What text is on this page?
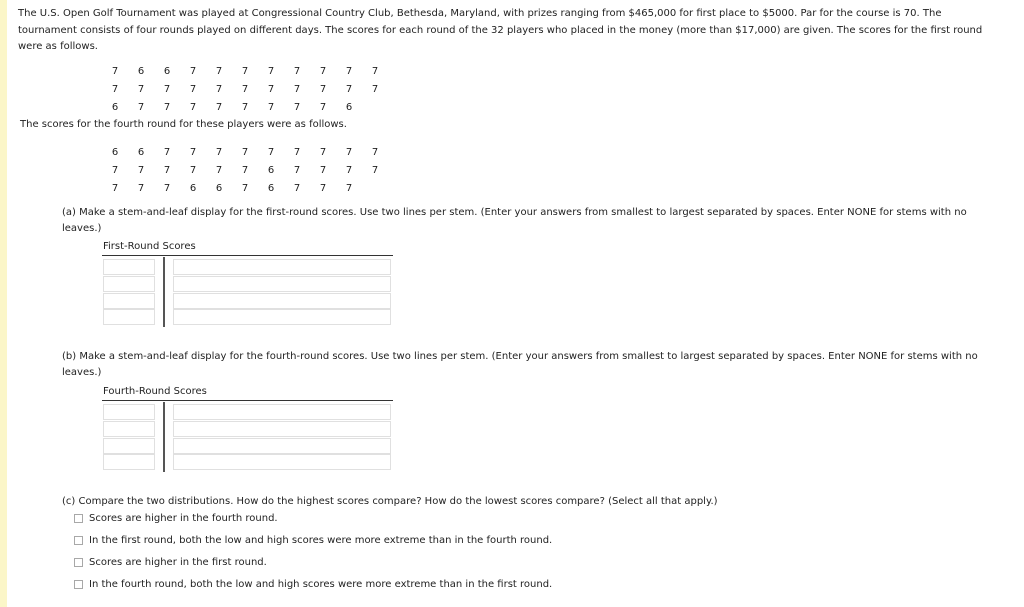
The U.S. Open Golf Tournament was played at Congressional Country Club, Bethesda, Maryland, with prizes ranging from $465,000 for first place to $5000. Par for the course is 70. The
tournament consists of four rounds played on different days. The scores for each round of the 32 players who placed in the money (more than $17,000) are given. The scores for the first round
were as follows.
7 6 6 7 7 7 7 7 7 7 7
7 7 7 7 7 7 7 7 7 7 7
6 7 7 7 7 7 7 7 7 6
The scores for the fourth round for these players were as follows.
6 6 7 7 7 7 7 7 7 7 7
7 7 7 7 7 7 6 7 7 7 7
7 7 7 6 6 7 6 7 7 7
(a) Make a stem-and-leaf display for the first-round scores. Use two lines per stem. (Enter your answers from smallest to largest separated by spaces. Enter NONE for stems with no
leaves.)
First-Round Scores
(b) Make a stem-and-leaf display for the fourth-round scores. Use two lines per stem. (Enter your answers from smallest to largest separated by spaces. Enter NONE for stems with no
leaves.)
Fourth-Round Scores
(c) Compare the two distributions. How do the highest scores compare? How do the lowest scores compare? (Select all that apply.)
Scores are higher in the fourth round.
In the first round, both the low and high scores were more extreme than in the fourth round.
Scores are higher in the first round.
In the fourth round, both the low and high scores were more extreme than in the first round.
